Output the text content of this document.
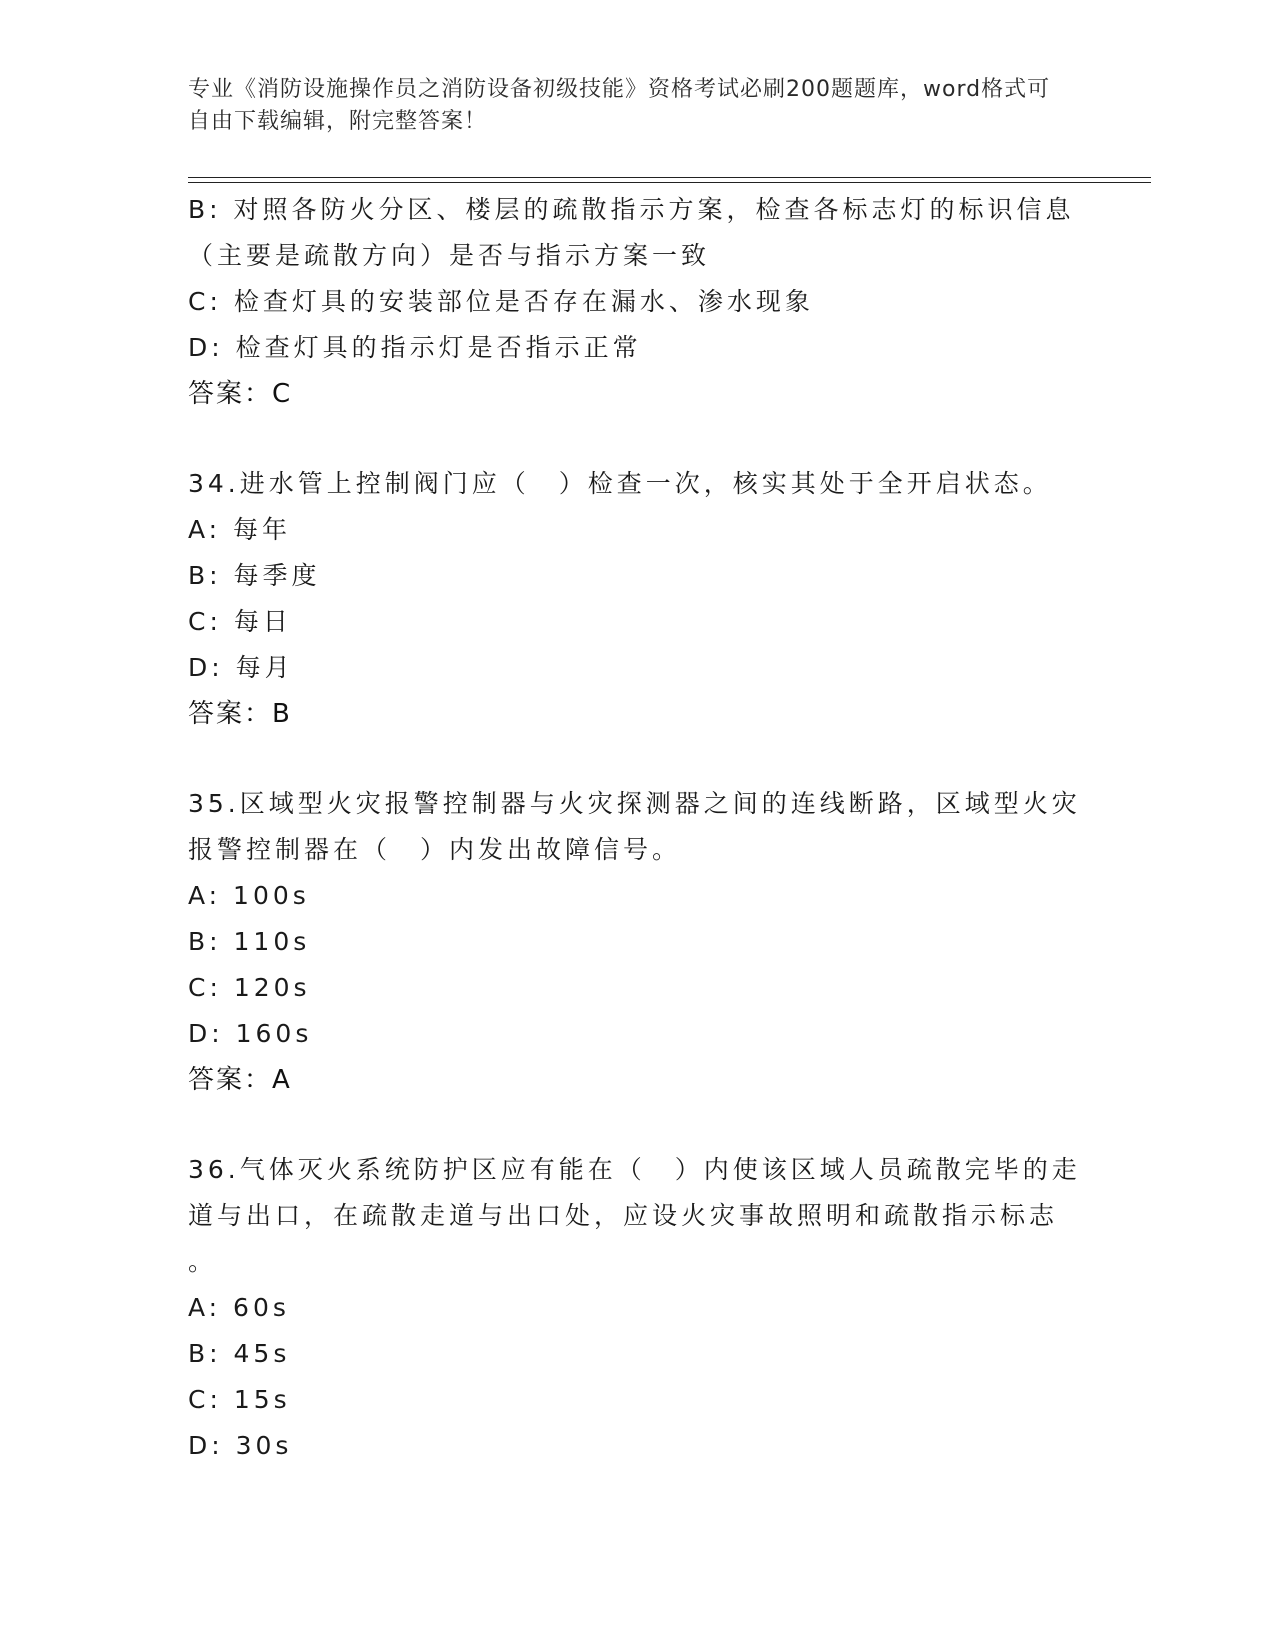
专业《消防设施操作员之消防设备初级技能》资格考试必刷200题题库，word格式可自由下载编辑，附完整答案！
B: 对照各防火分区、楼层的疏散指示方案，检查各标志灯的标识信息
（主要是疏散方向）是否与指示方案一致
C: 检查灯具的安装部位是否存在漏水、渗水现象
D: 检查灯具的指示灯是否指示正常
答案：C
34.进水管上控制阀门应（　）检查一次，核实其处于全开启状态。
A: 每年
B: 每季度
C: 每日
D: 每月
答案：B
35.区域型火灾报警控制器与火灾探测器之间的连线断路，区域型火灾
报警控制器在（　）内发出故障信号。
A: 100s
B: 110s
C: 120s
D: 160s
答案：A
36.气体灭火系统防护区应有能在（　）内使该区域人员疏散完毕的走
道与出口，在疏散走道与出口处，应设火灾事故照明和疏散指示标志
。
A: 60s
B: 45s
C: 15s
D: 30s
